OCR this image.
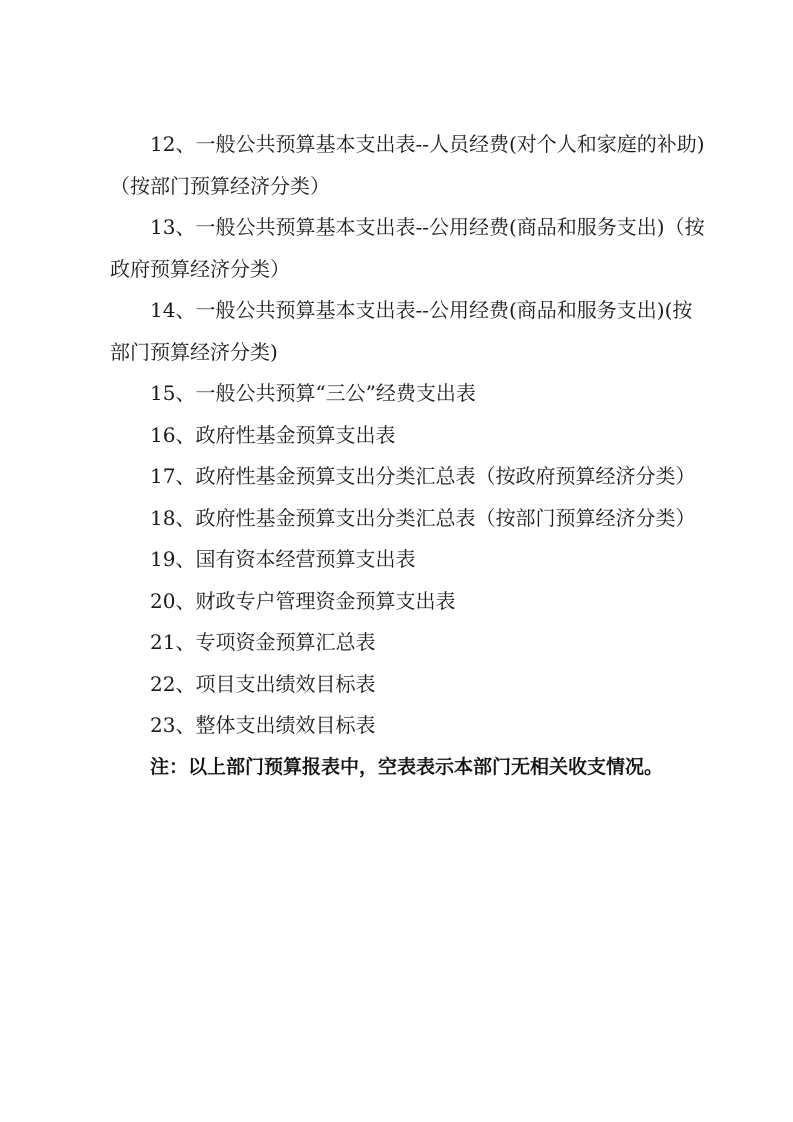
12、一般公共预算基本支出表--人员经费(对个人和家庭的补助)（按部门预算经济分类）

13、一般公共预算基本支出表--公用经费(商品和服务支出)（按政府预算经济分类）

14、一般公共预算基本支出表--公用经费(商品和服务支出)(按部门预算经济分类)

15、一般公共预算“三公”经费支出表

16、政府性基金预算支出表

17、政府性基金预算支出分类汇总表（按政府预算经济分类）

18、政府性基金预算支出分类汇总表（按部门预算经济分类）

19、国有资本经营预算支出表

20、财政专户管理资金预算支出表

21、专项资金预算汇总表

22、项目支出绩效目标表

23、整体支出绩效目标表

注：以上部门预算报表中，空表表示本部门无相关收支情况。
